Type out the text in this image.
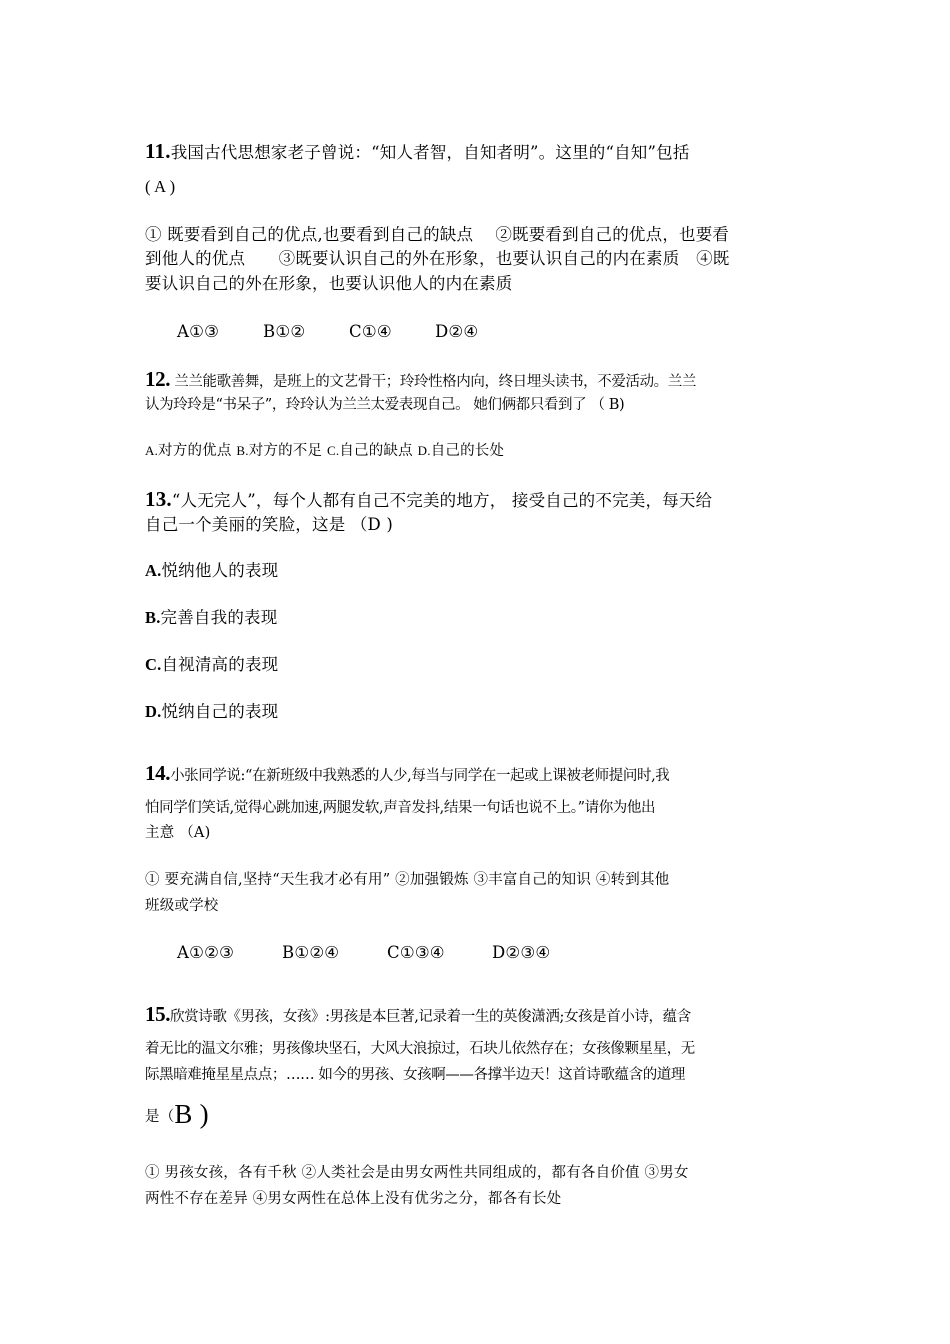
11.我国古代思想家老子曾说：“知人者智，自知者明”。这里的“自知”包括
( A )
① 既要看到自己的优点,也要看到自己的缺点　 ②既要看到自己的优点，也要看
到他人的优点　　③既要认识自己的外在形象，也要认识自己的内在素质　④既
要认识自己的外在形象，也要认识他人的内在素质
A①③	B①②	C①④	D②④
12. 兰兰能歌善舞，是班上的文艺骨干；玲玲性格内向，终日埋头读书，不爱活动。兰兰
认为玲玲是“书呆子”，玲玲认为兰兰太爱表现自己。 她们俩都只看到了 （ B)
A.对方的优点 B.对方的不足 C.自己的缺点 D.自己的长处
13.“人无完人”，每个人都有自己不完美的地方， 接受自己的不完美，每天给
自己一个美丽的笑脸，这是 （D )
A.悦纳他人的表现
B.完善自我的表现
C.自视清高的表现
D.悦纳自己的表现
14.小张同学说:“在新班级中我熟悉的人少,每当与同学在一起或上课被老师提问时,我
怕同学们笑话,觉得心跳加速,两腿发软,声音发抖,结果一句话也说不上。”请你为他出
主意 （A)
① 要充满自信,坚持“天生我才必有用” ②加强锻炼 ③丰富自己的知识 ④转到其他
班级或学校
A①②③	B①②④	C①③④	D②③④
15.欣赏诗歌《男孩，女孩》:男孩是本巨著,记录着一生的英俊潇洒;女孩是首小诗，蕴含
着无比的温文尔雅；男孩像块坚石，大风大浪掠过，石块儿依然存在；女孩像颗星星，无
际黑暗难掩星星点点；…… 如今的男孩、女孩啊——各撑半边天！这首诗歌蕴含的道理
是（B )
① 男孩女孩，各有千秋 ②人类社会是由男女两性共同组成的，都有各自价值 ③男女
两性不存在差异 ④男女两性在总体上没有优劣之分，都各有长处
